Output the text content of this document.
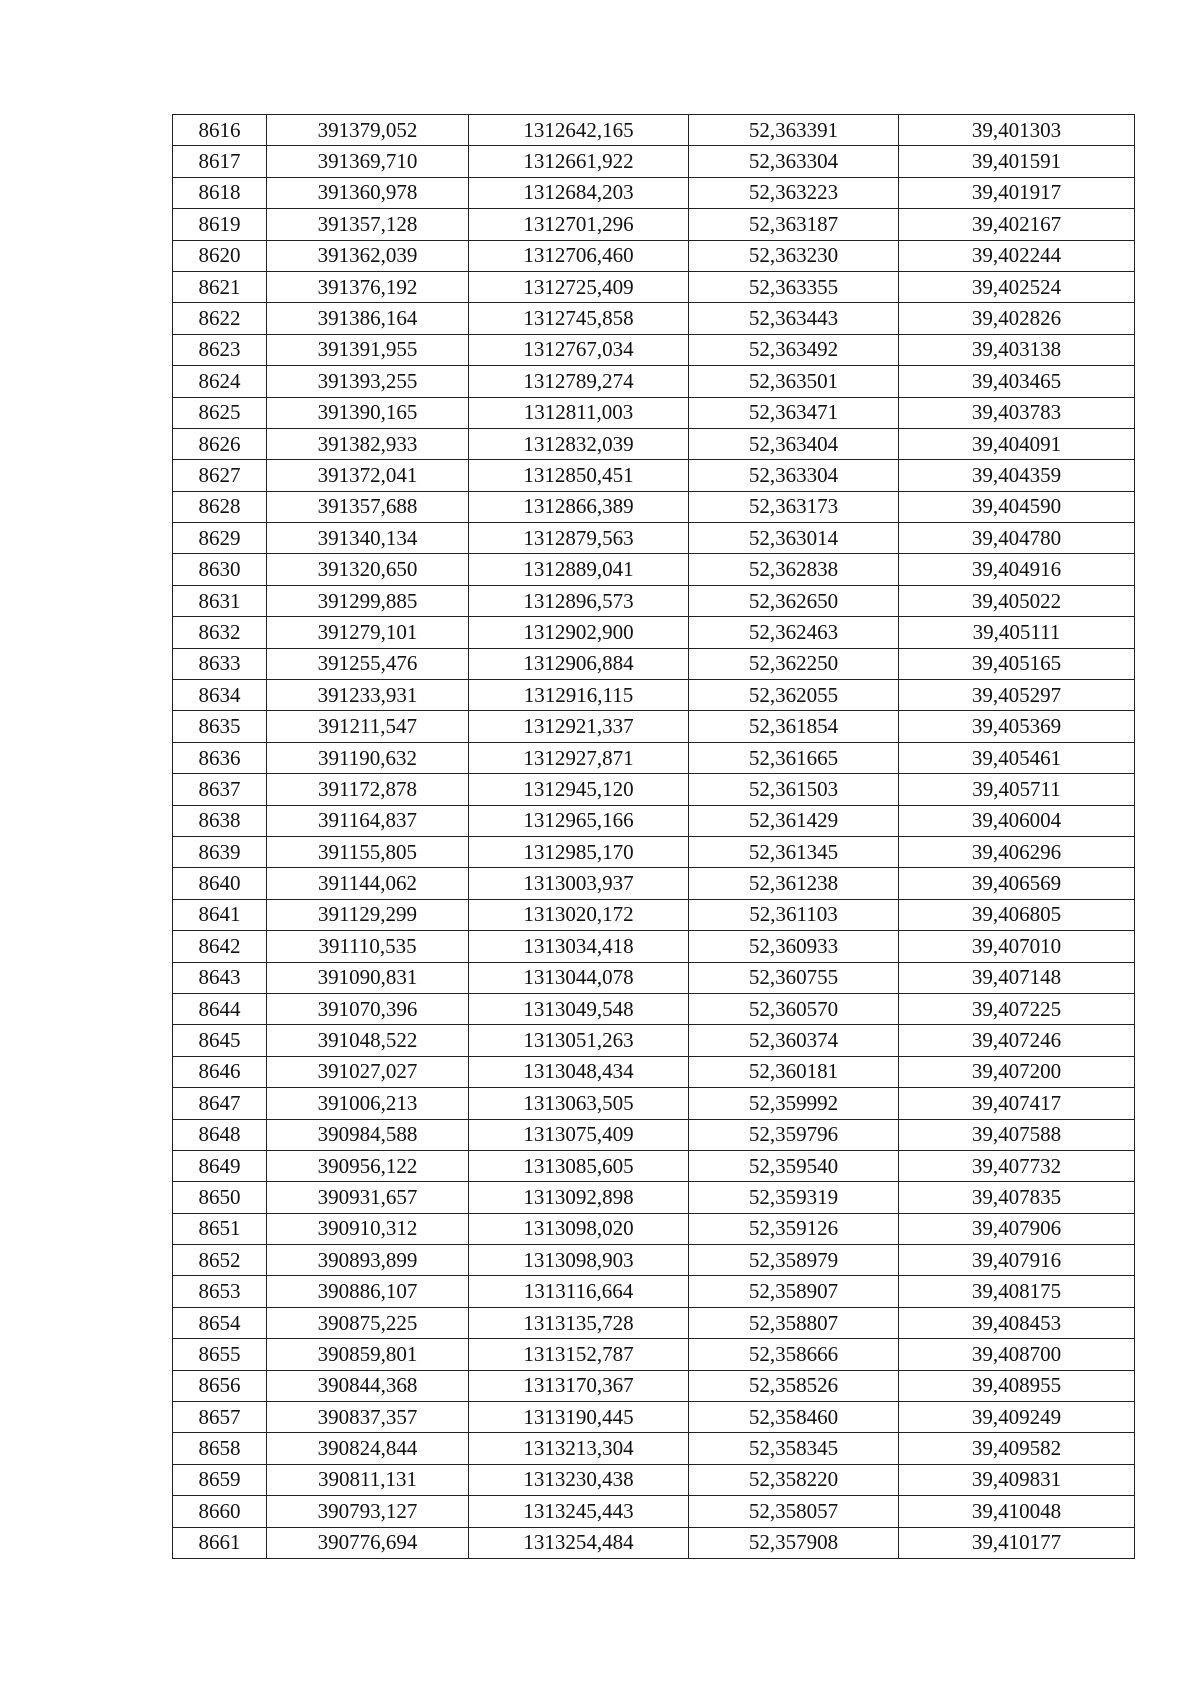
8616	391379,052	1312642,165	52,363391	39,401303
8617	391369,710	1312661,922	52,363304	39,401591
8618	391360,978	1312684,203	52,363223	39,401917
8619	391357,128	1312701,296	52,363187	39,402167
8620	391362,039	1312706,460	52,363230	39,402244
8621	391376,192	1312725,409	52,363355	39,402524
8622	391386,164	1312745,858	52,363443	39,402826
8623	391391,955	1312767,034	52,363492	39,403138
8624	391393,255	1312789,274	52,363501	39,403465
8625	391390,165	1312811,003	52,363471	39,403783
8626	391382,933	1312832,039	52,363404	39,404091
8627	391372,041	1312850,451	52,363304	39,404359
8628	391357,688	1312866,389	52,363173	39,404590
8629	391340,134	1312879,563	52,363014	39,404780
8630	391320,650	1312889,041	52,362838	39,404916
8631	391299,885	1312896,573	52,362650	39,405022
8632	391279,101	1312902,900	52,362463	39,405111
8633	391255,476	1312906,884	52,362250	39,405165
8634	391233,931	1312916,115	52,362055	39,405297
8635	391211,547	1312921,337	52,361854	39,405369
8636	391190,632	1312927,871	52,361665	39,405461
8637	391172,878	1312945,120	52,361503	39,405711
8638	391164,837	1312965,166	52,361429	39,406004
8639	391155,805	1312985,170	52,361345	39,406296
8640	391144,062	1313003,937	52,361238	39,406569
8641	391129,299	1313020,172	52,361103	39,406805
8642	391110,535	1313034,418	52,360933	39,407010
8643	391090,831	1313044,078	52,360755	39,407148
8644	391070,396	1313049,548	52,360570	39,407225
8645	391048,522	1313051,263	52,360374	39,407246
8646	391027,027	1313048,434	52,360181	39,407200
8647	391006,213	1313063,505	52,359992	39,407417
8648	390984,588	1313075,409	52,359796	39,407588
8649	390956,122	1313085,605	52,359540	39,407732
8650	390931,657	1313092,898	52,359319	39,407835
8651	390910,312	1313098,020	52,359126	39,407906
8652	390893,899	1313098,903	52,358979	39,407916
8653	390886,107	1313116,664	52,358907	39,408175
8654	390875,225	1313135,728	52,358807	39,408453
8655	390859,801	1313152,787	52,358666	39,408700
8656	390844,368	1313170,367	52,358526	39,408955
8657	390837,357	1313190,445	52,358460	39,409249
8658	390824,844	1313213,304	52,358345	39,409582
8659	390811,131	1313230,438	52,358220	39,409831
8660	390793,127	1313245,443	52,358057	39,410048
8661	390776,694	1313254,484	52,357908	39,410177
